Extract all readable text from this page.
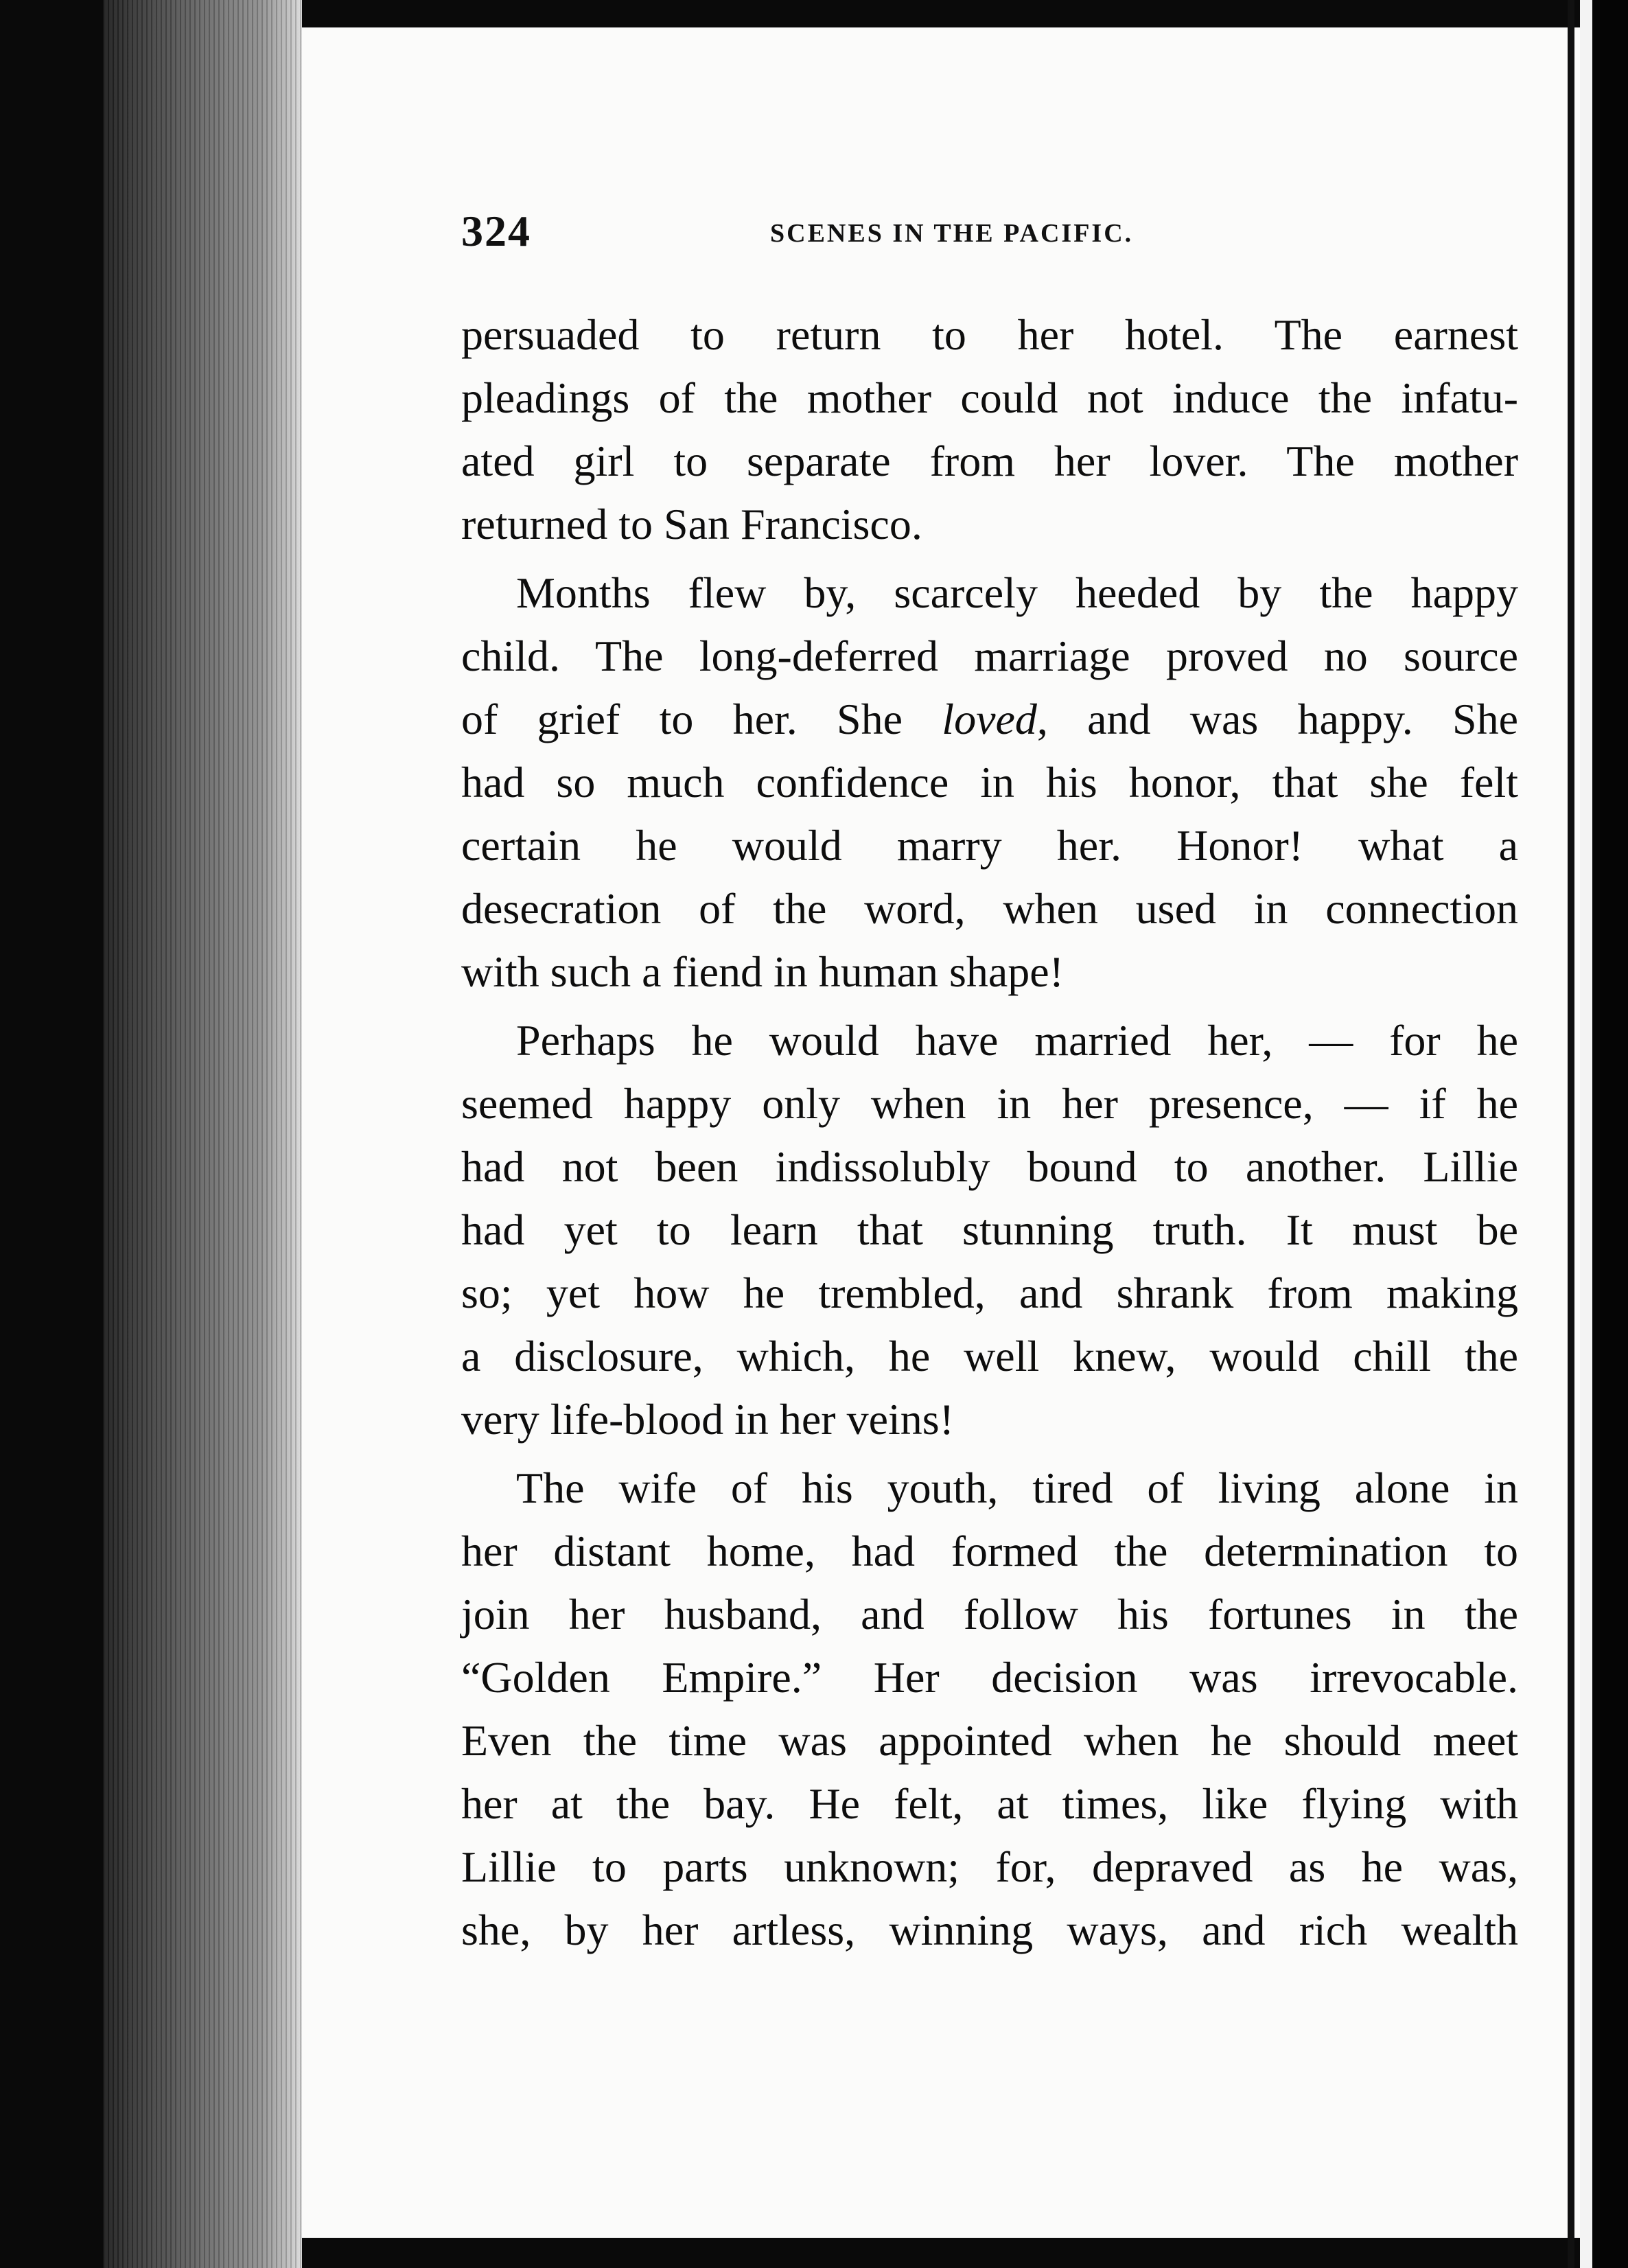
324	SCENES IN THE PACIFIC.
persuaded to return to her hotel. The earnest
pleadings of the mother could not induce the infatu-
ated girl to separate from her lover. The mother
returned to San Francisco.
Months flew by, scarcely heeded by the happy
child. The long-deferred marriage proved no source
of grief to her. She loved, and was happy. She
had so much confidence in his honor, that she felt
certain he would marry her. Honor! what a
desecration of the word, when used in connection
with such a fiend in human shape!
Perhaps he would have married her, — for he
seemed happy only when in her presence, — if he
had not been indissolubly bound to another. Lillie
had yet to learn that stunning truth. It must be
so; yet how he trembled, and shrank from making
a disclosure, which, he well knew, would chill the
very life-blood in her veins!
The wife of his youth, tired of living alone in
her distant home, had formed the determination to
join her husband, and follow his fortunes in the
“Golden Empire.” Her decision was irrevocable.
Even the time was appointed when he should meet
her at the bay. He felt, at times, like flying with
Lillie to parts unknown; for, depraved as he was,
she, by her artless, winning ways, and rich wealth
